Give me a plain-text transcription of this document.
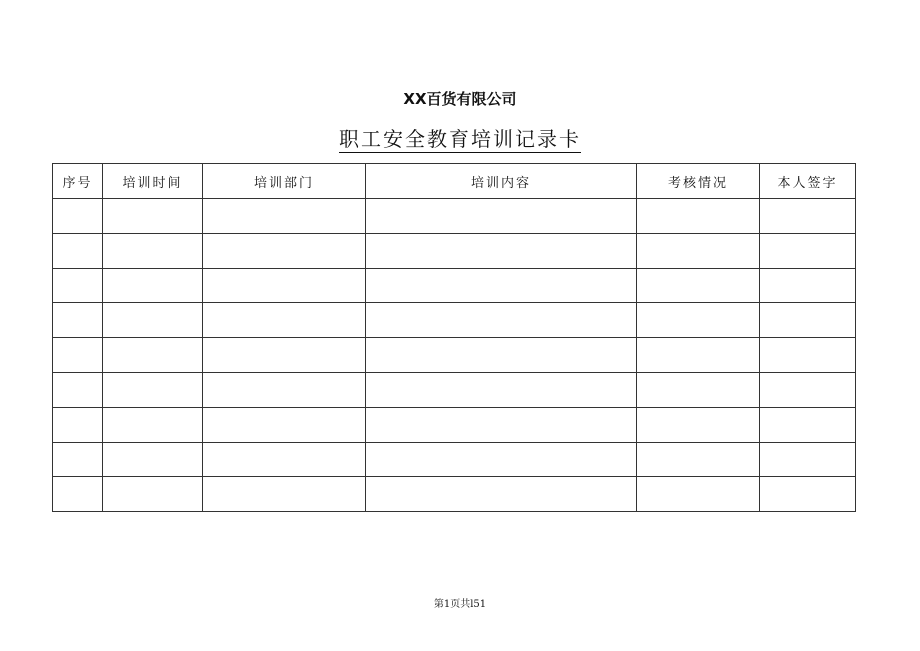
XX百货有限公司
职工安全教育培训记录卡
序号	培训时间	培训部门	培训内容	考核情况	本人签字

第1页共l51
